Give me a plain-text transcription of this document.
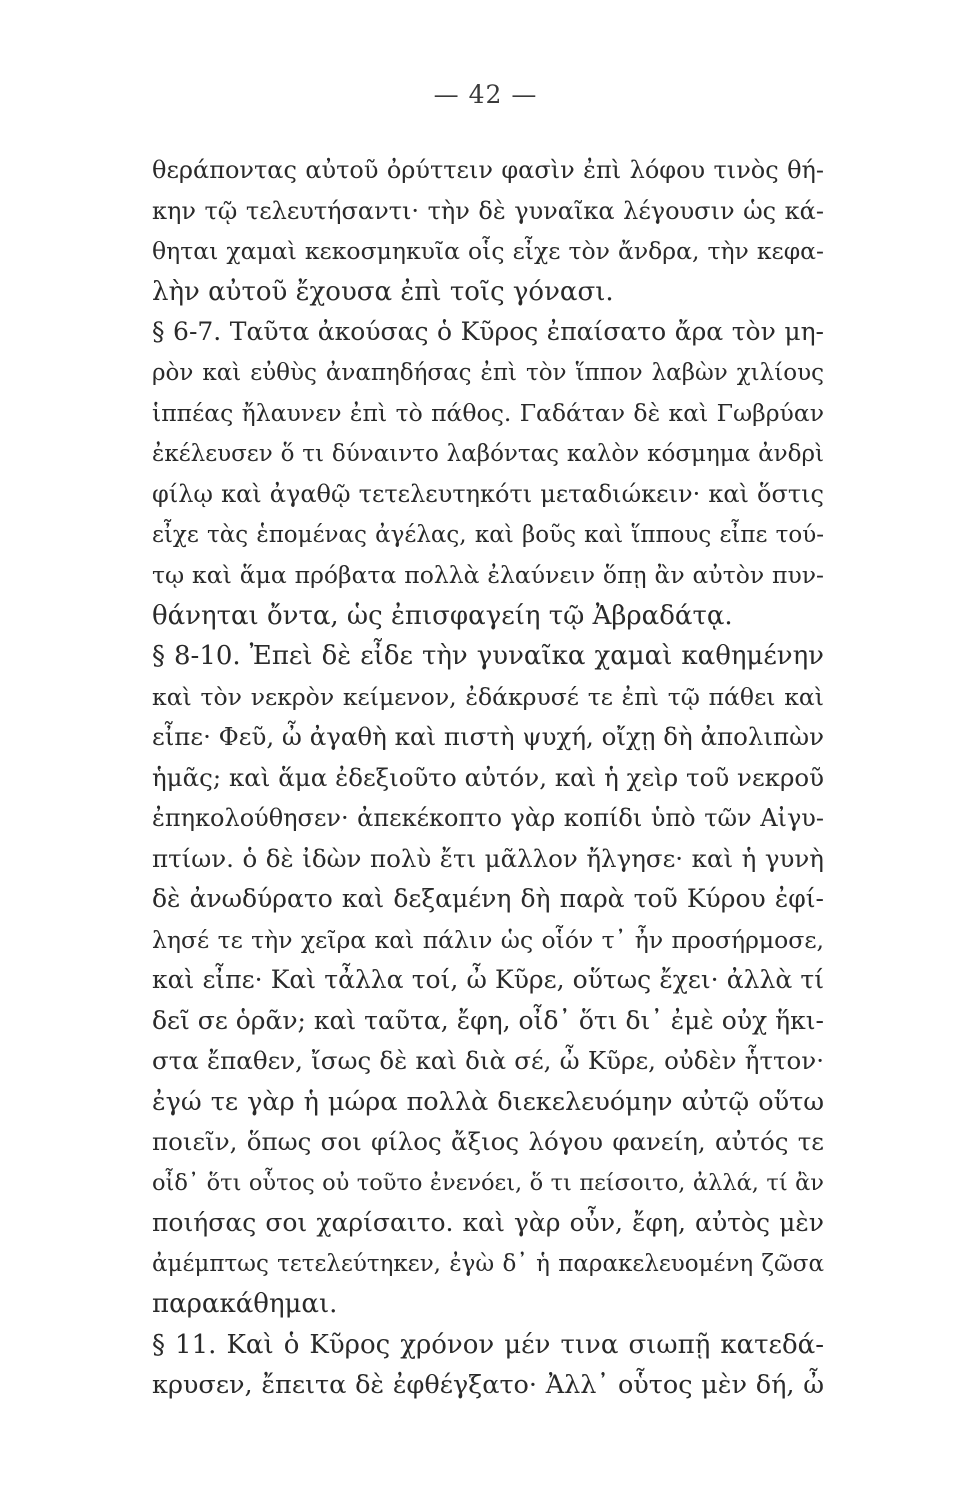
— 42 —
θεράποντας αὐτοῦ ὀρύττειν φασὶν ἐπὶ λόφου τινὸς θή-
κην τῷ τελευτήσαντι· τὴν δὲ γυναῖκα λέγουσιν ὡς κά-
θηται χαμαὶ κεκοσμηκυῖα οἷς εἶχε τὸν ἄνδρα, τὴν κεφα-
λὴν αὐτοῦ ἔχουσα ἐπὶ τοῖς γόνασι.
§ 6-7. Ταῦτα ἀκούσας ὁ Κῦρος ἐπαίσατο ἄρα τὸν μη-
ρὸν καὶ εὐθὺς ἀναπηδήσας ἐπὶ τὸν ἵππον λαβὼν χιλίους
ἱππέας ἤλαυνεν ἐπὶ τὸ πάθος. Γαδάταν δὲ καὶ Γωβρύαν
ἐκέλευσεν ὅ τι δύναιντο λαβόντας καλὸν κόσμημα ἀνδρὶ
φίλῳ καὶ ἀγαθῷ τετελευτηκότι μεταδιώκειν· καὶ ὅστις
εἶχε τὰς ἑπομένας ἀγέλας, καὶ βοῦς καὶ ἵππους εἶπε τού-
τῳ καὶ ἅμα πρόβατα πολλὰ ἐλαύνειν ὅπῃ ἂν αὐτὸν πυν-
θάνηται ὄντα, ὡς ἐπισφαγείη τῷ Ἀβραδάτᾳ.
§ 8-10. Ἐπεὶ δὲ εἶδε τὴν γυναῖκα χαμαὶ καθημένην
καὶ τὸν νεκρὸν κείμενον, ἐδάκρυσέ τε ἐπὶ τῷ πάθει καὶ
εἶπε· Φεῦ, ὦ ἀγαθὴ καὶ πιστὴ ψυχή, οἴχῃ δὴ ἀπολιπὼν
ἡμᾶς; καὶ ἅμα ἐδεξιοῦτο αὐτόν, καὶ ἡ χεὶρ τοῦ νεκροῦ
ἐπηκολούθησεν· ἀπεκέκοπτο γὰρ κοπίδι ὑπὸ τῶν Αἰγυ-
πτίων. ὁ δὲ ἰδὼν πολὺ ἔτι μᾶλλον ἤλγησε· καὶ ἡ γυνὴ
δὲ ἀνωδύρατο καὶ δεξαμένη δὴ παρὰ τοῦ Κύρου ἐφί-
λησέ τε τὴν χεῖρα καὶ πάλιν ὡς οἷόν τ᾽ ἦν προσήρμοσε,
καὶ εἶπε· Καὶ τἆλλα τοί, ὦ Κῦρε, οὕτως ἔχει· ἀλλὰ τί
δεῖ σε ὁρᾶν; καὶ ταῦτα, ἔφη, οἶδ᾽ ὅτι δι᾽ ἐμὲ οὐχ ἥκι-
στα ἔπαθεν, ἴσως δὲ καὶ διὰ σέ, ὦ Κῦρε, οὐδὲν ἧττον·
ἐγώ τε γὰρ ἡ μώρα πολλὰ διεκελευόμην αὐτῷ οὕτω
ποιεῖν, ὅπως σοι φίλος ἄξιος λόγου φανείη, αὐτός τε
οἶδ᾽ ὅτι οὗτος οὐ τοῦτο ἐνενόει, ὅ τι πείσοιτο, ἀλλά, τί ἂν
ποιήσας σοι χαρίσαιτο. καὶ γὰρ οὖν, ἔφη, αὐτὸς μὲν
ἀμέμπτως τετελεύτηκεν, ἐγὼ δ᾽ ἡ παρακελευομένη ζῶσα
παρακάθημαι.
§ 11. Καὶ ὁ Κῦρος χρόνον μέν τινα σιωπῇ κατεδά-
κρυσεν, ἔπειτα δὲ ἐφθέγξατο· Ἀλλ᾽ οὗτος μὲν δή, ὦ
